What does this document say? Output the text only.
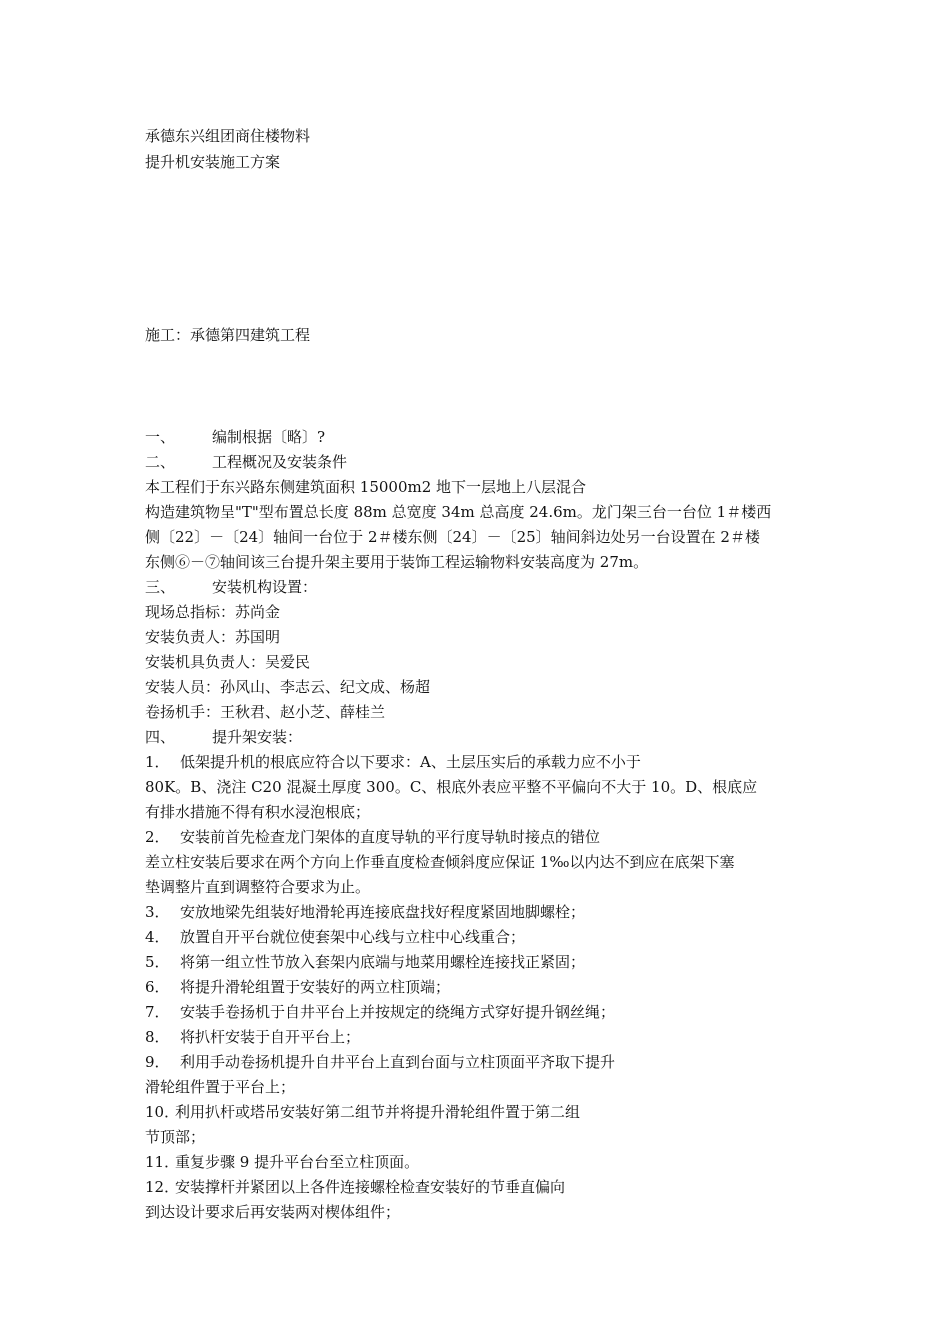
承德东兴组团商住楼物料
提升机安装施工方案
施工：承德第四建筑工程
一、 编制根据〔略〕?
二、 工程概况及安装条件
本工程们于东兴路东侧建筑面积 15000m2 地下一层地上八层混合
构造建筑物呈"T"型布置总长度 88m 总宽度 34m 总高度 24.6m。龙门架三台一台位 1＃楼西
侧〔22〕－〔24〕轴间一台位于 2＃楼东侧〔24〕－〔25〕轴间斜边处另一台设置在 2＃楼
东侧⑥－⑦轴间该三台提升架主要用于装饰工程运输物料安装高度为 27m。
三、 安装机构设置：
现场总指标：苏尚金
安装负责人：苏国明
安装机具负责人：吴爱民
安装人员：孙风山、李志云、纪文成、杨超
卷扬机手：王秋君、赵小芝、薛桂兰
四、 提升架安装：
1． 低架提升机的根底应符合以下要求：A、土层压实后的承载力应不小于
80K。B、浇注 C20 混凝土厚度 300。C、根底外表应平整不平偏向不大于 10。D、根底应
有排水措施不得有积水浸泡根底；
2． 安装前首先检查龙门架体的直度导轨的平行度导轨时接点的错位
差立柱安装后要求在两个方向上作垂直度检查倾斜度应保证 1‰以内达不到应在底架下塞
垫调整片直到调整符合要求为止。
3． 安放地梁先组装好地滑轮再连接底盘找好程度紧固地脚螺栓；
4． 放置自开平台就位使套架中心线与立柱中心线重合；
5． 将第一组立性节放入套架内底端与地菜用螺栓连接找正紧固；
6． 将提升滑轮组置于安装好的两立柱顶端；
7． 安装手卷扬机于自井平台上并按规定的绕绳方式穿好提升钢丝绳；
8． 将扒杆安装于自开平台上；
9． 利用手动卷扬机提升自井平台上直到台面与立柱顶面平齐取下提升
滑轮组件置于平台上；
10．利用扒杆或塔吊安装好第二组节并将提升滑轮组件置于第二组
节顶部；
11．重复步骤 9 提升平台台至立柱顶面。
12．安装撑杆并紧团以上各件连接螺栓检查安装好的节垂直偏向
到达设计要求后再安装两对楔体组件；
